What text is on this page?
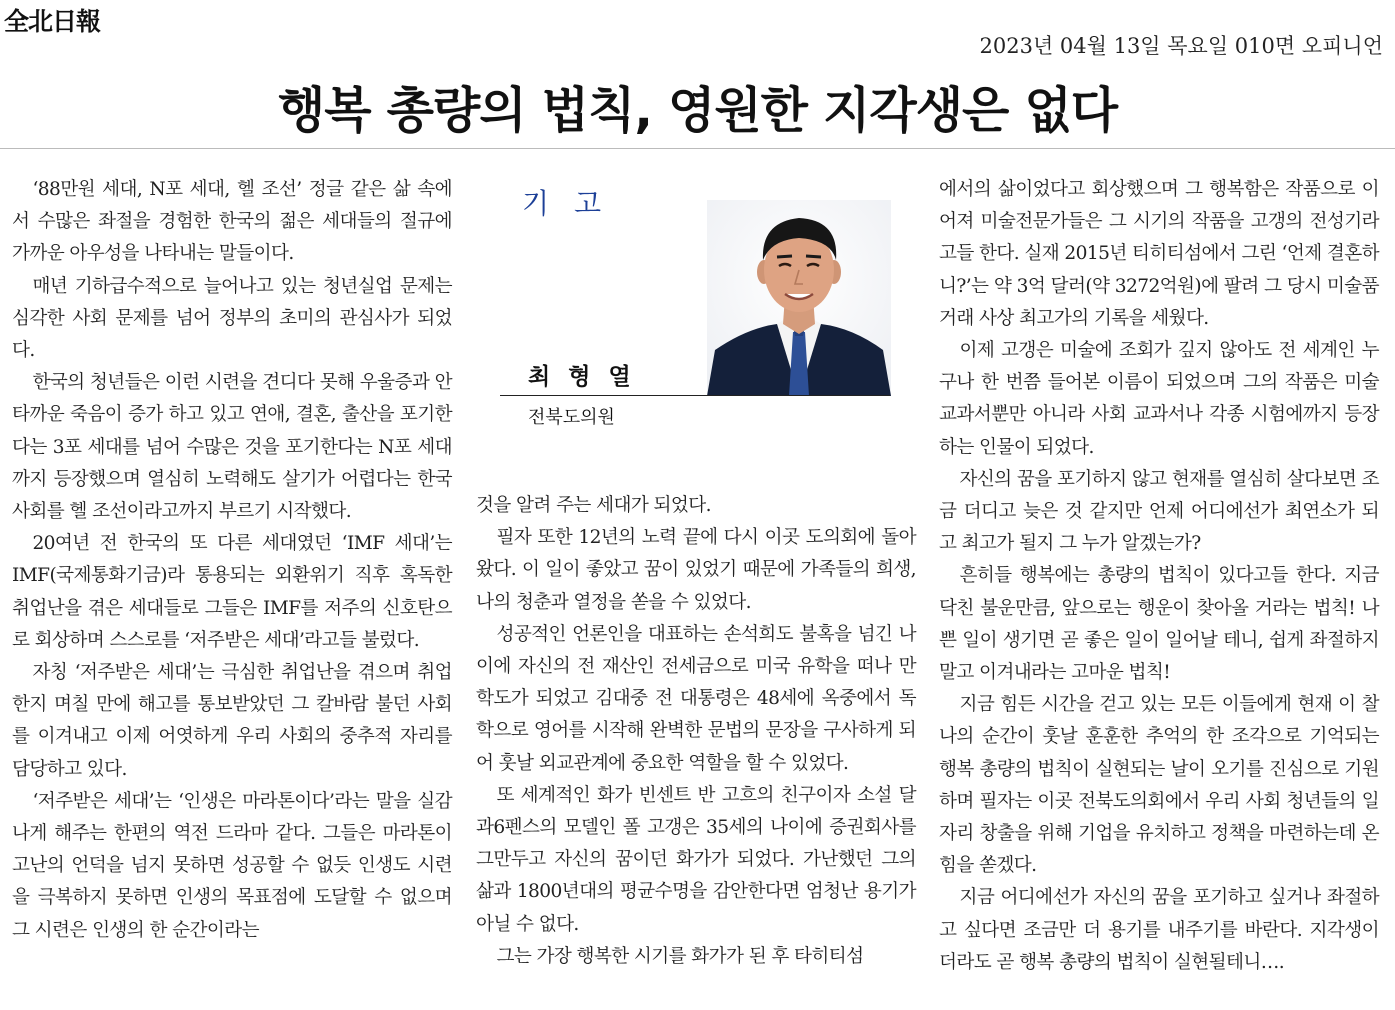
全北日報
2023년 04월 13일 목요일 010면 오피니언
행복 총량의 법칙, 영원한 지각생은 없다

‘88만원 세대, N포 세대, 헬 조선’ 정글 같은 삶 속에서 수많은 좌절을 경험한 한국의 젊은 세대들의 절규에 가까운 아우성을 나타내는 말들이다.

매년 기하급수적으로 늘어나고 있는 청년실업 문제는 심각한 사회 문제를 넘어 정부의 초미의 관심사가 되었다.

한국의 청년들은 이런 시련을 견디다 못해 우울증과 안타까운 죽음이 증가 하고 있고 연애, 결혼, 출산을 포기한다는 3포 세대를 넘어 수많은 것을 포기한다는 N포 세대까지 등장했으며 열심히 노력해도 살기가 어렵다는 한국 사회를 헬 조선이라고까지 부르기 시작했다.

20여년 전 한국의 또 다른 세대였던 ‘IMF 세대’는 IMF(국제통화기금)라 통용되는 외환위기 직후 혹독한 취업난을 겪은 세대들로 그들은 IMF를 저주의 신호탄으로 회상하며 스스로를 ‘저주받은 세대’라고들 불렀다.

자칭 ‘저주받은 세대’는 극심한 취업난을 겪으며 취업한지 며칠 만에 해고를 통보받았던 그 칼바람 불던 사회를 이겨내고 이제 어엿하게 우리 사회의 중추적 자리를 담당하고 있다.

‘저주받은 세대’는 ‘인생은 마라톤이다’라는 말을 실감나게 해주는 한편의 역전 드라마 같다. 그들은 마라톤이 고난의 언덕을 넘지 못하면 성공할 수 없듯 인생도 시련을 극복하지 못하면 인생의 목표점에 도달할 수 없으며 그 시련은 인생의 한 순간이라는

기 고
최 형 열
전북도의원

것을 알려 주는 세대가 되었다.

필자 또한 12년의 노력 끝에 다시 이곳 도의회에 돌아왔다. 이 일이 좋았고 꿈이 있었기 때문에 가족들의 희생, 나의 청춘과 열정을 쏟을 수 있었다.

성공적인 언론인을 대표하는 손석희도 불혹을 넘긴 나이에 자신의 전 재산인 전세금으로 미국 유학을 떠나 만학도가 되었고 김대중 전 대통령은 48세에 옥중에서 독학으로 영어를 시작해 완벽한 문법의 문장을 구사하게 되어 훗날 외교관계에 중요한 역할을 할 수 있었다.

또 세계적인 화가 빈센트 반 고흐의 친구이자 소설 달과6펜스의 모델인 폴 고갱은 35세의 나이에 증권회사를 그만두고 자신의 꿈이던 화가가 되었다. 가난했던 그의 삶과 1800년대의 평균수명을 감안한다면 엄청난 용기가 아닐 수 없다.

그는 가장 행복한 시기를 화가가 된 후 타히티섬

에서의 삶이었다고 회상했으며 그 행복함은 작품으로 이어져 미술전문가들은 그 시기의 작품을 고갱의 전성기라고들 한다. 실재 2015년 티히티섬에서 그린 ‘언제 결혼하니?’는 약 3억 달러(약 3272억원)에 팔려 그 당시 미술품 거래 사상 최고가의 기록을 세웠다.

이제 고갱은 미술에 조회가 깊지 않아도 전 세계인 누구나 한 번쯤 들어본 이름이 되었으며 그의 작품은 미술 교과서뿐만 아니라 사회 교과서나 각종 시험에까지 등장하는 인물이 되었다.

자신의 꿈을 포기하지 않고 현재를 열심히 살다보면 조금 더디고 늦은 것 같지만 언제 어디에선가 최연소가 되고 최고가 될지 그 누가 알겠는가?

흔히들 행복에는 총량의 법칙이 있다고들 한다. 지금 닥친 불운만큼, 앞으로는 행운이 찾아올 거라는 법칙! 나쁜 일이 생기면 곧 좋은 일이 일어날 테니, 쉽게 좌절하지 말고 이겨내라는 고마운 법칙!

지금 힘든 시간을 걷고 있는 모든 이들에게 현재 이 찰나의 순간이 훗날 훈훈한 추억의 한 조각으로 기억되는 행복 총량의 법칙이 실현되는 날이 오기를 진심으로 기원하며 필자는 이곳 전북도의회에서 우리 사회 청년들의 일자리 창출을 위해 기업을 유치하고 정책을 마련하는데 온힘을 쏟겠다.

지금 어디에선가 자신의 꿈을 포기하고 싶거나 좌절하고 싶다면 조금만 더 용기를 내주기를 바란다. 지각생이더라도 곧 행복 총량의 법칙이 실현될테니….
